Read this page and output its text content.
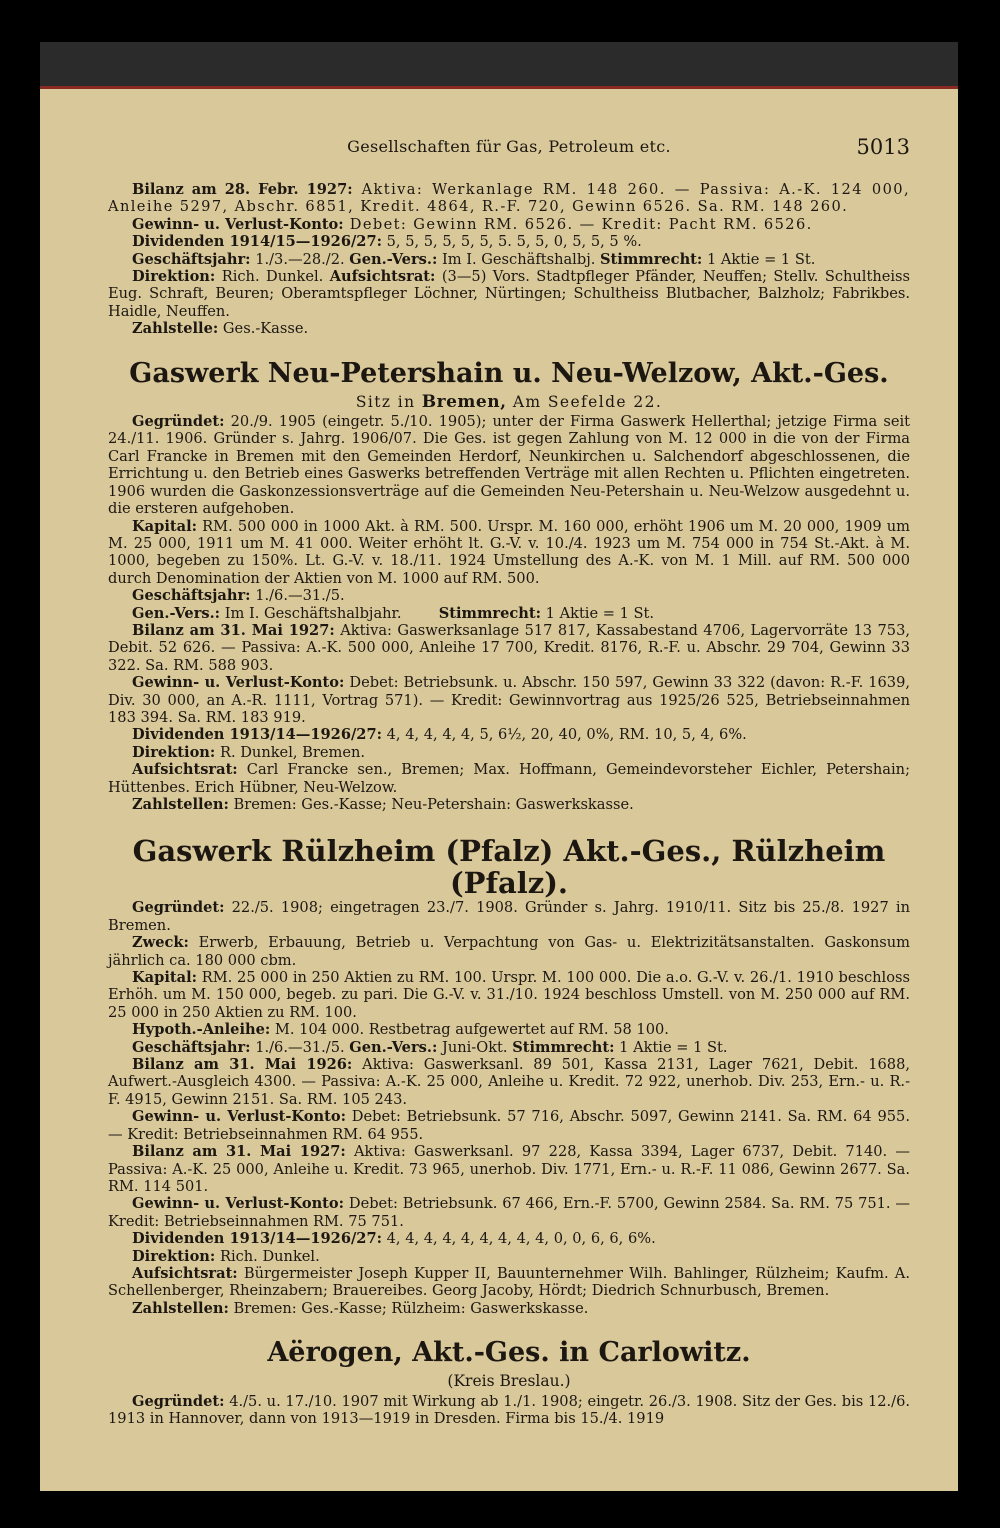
Gesellschaften für Gas, Petroleum etc.	5013

Bilanz am 28. Febr. 1927: Aktiva: Werkanlage RM. 148 260. — Passiva: A.-K. 124 000, Anleihe 5297, Abschr. 6851, Kredit. 4864, R.-F. 720, Gewinn 6526. Sa. RM. 148 260.

Gewinn- u. Verlust-Konto: Debet: Gewinn RM. 6526. — Kredit: Pacht RM. 6526.

Dividenden 1914/15—1926/27: 5, 5, 5, 5, 5, 5, 5. 5, 5, 0, 5, 5, 5 %.

Geschäftsjahr: 1./3.—28./2. Gen.-Vers.: Im I. Geschäftshalbj. Stimmrecht: 1 Aktie = 1 St.

Direktion: Rich. Dunkel. Aufsichtsrat: (3—5) Vors. Stadtpfleger Pfänder, Neuffen; Stellv. Schultheiss Eug. Schraft, Beuren; Oberamtspfleger Löchner, Nürtingen; Schultheiss Blutbacher, Balzholz; Fabrikbes. Haidle, Neuffen.

Zahlstelle: Ges.-Kasse.

Gaswerk Neu-Petershain u. Neu-Welzow, Akt.-Ges.
Sitz in Bremen, Am Seefelde 22.

Gegründet: 20./9. 1905 (eingetr. 5./10. 1905); unter der Firma Gaswerk Hellerthal; jetzige Firma seit 24./11. 1906. Gründer s. Jahrg. 1906/07. Die Ges. ist gegen Zahlung von M. 12 000 in die von der Firma Carl Francke in Bremen mit den Gemeinden Herdorf, Neunkirchen u. Salchendorf abgeschlossenen, die Errichtung u. den Betrieb eines Gaswerks betreffenden Verträge mit allen Rechten u. Pflichten eingetreten. 1906 wurden die Gaskonzessionsverträge auf die Gemeinden Neu-Petershain u. Neu-Welzow ausgedehnt u. die ersteren aufgehoben.

Kapital: RM. 500 000 in 1000 Akt. à RM. 500. Urspr. M. 160 000, erhöht 1906 um M. 20 000, 1909 um M. 25 000, 1911 um M. 41 000. Weiter erhöht lt. G.-V. v. 10./4. 1923 um M. 754 000 in 754 St.-Akt. à M. 1000, begeben zu 150%. Lt. G.-V. v. 18./11. 1924 Umstellung des A.-K. von M. 1 Mill. auf RM. 500 000 durch Denomination der Aktien von M. 1000 auf RM. 500.

Geschäftsjahr: 1./6.—31./5.

Gen.-Vers.: Im I. Geschäftshalbjahr.	Stimmrecht: 1 Aktie = 1 St.

Bilanz am 31. Mai 1927: Aktiva: Gaswerksanlage 517 817, Kassabestand 4706, Lagervorräte 13 753, Debit. 52 626. — Passiva: A.-K. 500 000, Anleihe 17 700, Kredit. 8176, R.-F. u. Abschr. 29 704, Gewinn 33 322. Sa. RM. 588 903.

Gewinn- u. Verlust-Konto: Debet: Betriebsunk. u. Abschr. 150 597, Gewinn 33 322 (davon: R.-F. 1639, Div. 30 000, an A.-R. 1111, Vortrag 571). — Kredit: Gewinnvortrag aus 1925/26 525, Betriebseinnahmen 183 394. Sa. RM. 183 919.

Dividenden 1913/14—1926/27: 4, 4, 4, 4, 4, 5, 6½, 20, 40, 0%, RM. 10, 5, 4, 6%.

Direktion: R. Dunkel, Bremen.

Aufsichtsrat: Carl Francke sen., Bremen; Max. Hoffmann, Gemeindevorsteher Eichler, Petershain; Hüttenbes. Erich Hübner, Neu-Welzow.

Zahlstellen: Bremen: Ges.-Kasse; Neu-Petershain: Gaswerkskasse.

Gaswerk Rülzheim (Pfalz) Akt.-Ges., Rülzheim (Pfalz).

Gegründet: 22./5. 1908; eingetragen 23./7. 1908. Gründer s. Jahrg. 1910/11. Sitz bis 25./8. 1927 in Bremen.

Zweck: Erwerb, Erbauung, Betrieb u. Verpachtung von Gas- u. Elektrizitätsanstalten. Gaskonsum jährlich ca. 180 000 cbm.

Kapital: RM. 25 000 in 250 Aktien zu RM. 100. Urspr. M. 100 000. Die a.o. G.-V. v. 26./1. 1910 beschloss Erhöh. um M. 150 000, begeb. zu pari. Die G.-V. v. 31./10. 1924 beschloss Umstell. von M. 250 000 auf RM. 25 000 in 250 Aktien zu RM. 100.

Hypoth.-Anleihe: M. 104 000. Restbetrag aufgewertet auf RM. 58 100.

Geschäftsjahr: 1./6.—31./5. Gen.-Vers.: Juni-Okt. Stimmrecht: 1 Aktie = 1 St.

Bilanz am 31. Mai 1926: Aktiva: Gaswerksanl. 89 501, Kassa 2131, Lager 7621, Debit. 1688, Aufwert.-Ausgleich 4300. — Passiva: A.-K. 25 000, Anleihe u. Kredit. 72 922, unerhob. Div. 253, Ern.- u. R.-F. 4915, Gewinn 2151. Sa. RM. 105 243.

Gewinn- u. Verlust-Konto: Debet: Betriebsunk. 57 716, Abschr. 5097, Gewinn 2141. Sa. RM. 64 955. — Kredit: Betriebseinnahmen RM. 64 955.

Bilanz am 31. Mai 1927: Aktiva: Gaswerksanl. 97 228, Kassa 3394, Lager 6737, Debit. 7140. — Passiva: A.-K. 25 000, Anleihe u. Kredit. 73 965, unerhob. Div. 1771, Ern.- u. R.-F. 11 086, Gewinn 2677. Sa. RM. 114 501.

Gewinn- u. Verlust-Konto: Debet: Betriebsunk. 67 466, Ern.-F. 5700, Gewinn 2584. Sa. RM. 75 751. — Kredit: Betriebseinnahmen RM. 75 751.

Dividenden 1913/14—1926/27: 4, 4, 4, 4, 4, 4, 4, 4, 4, 0, 0, 6, 6, 6%.

Direktion: Rich. Dunkel.

Aufsichtsrat: Bürgermeister Joseph Kupper II, Bauunternehmer Wilh. Bahlinger, Rülzheim; Kaufm. A. Schellenberger, Rheinzabern; Brauereibes. Georg Jacoby, Hördt; Diedrich Schnurbusch, Bremen.

Zahlstellen: Bremen: Ges.-Kasse; Rülzheim: Gaswerkskasse.

Aërogen, Akt.-Ges. in Carlowitz.
(Kreis Breslau.)

Gegründet: 4./5. u. 17./10. 1907 mit Wirkung ab 1./1. 1908; eingetr. 26./3. 1908. Sitz der Ges. bis 12./6. 1913 in Hannover, dann von 1913—1919 in Dresden. Firma bis 15./4. 1919
